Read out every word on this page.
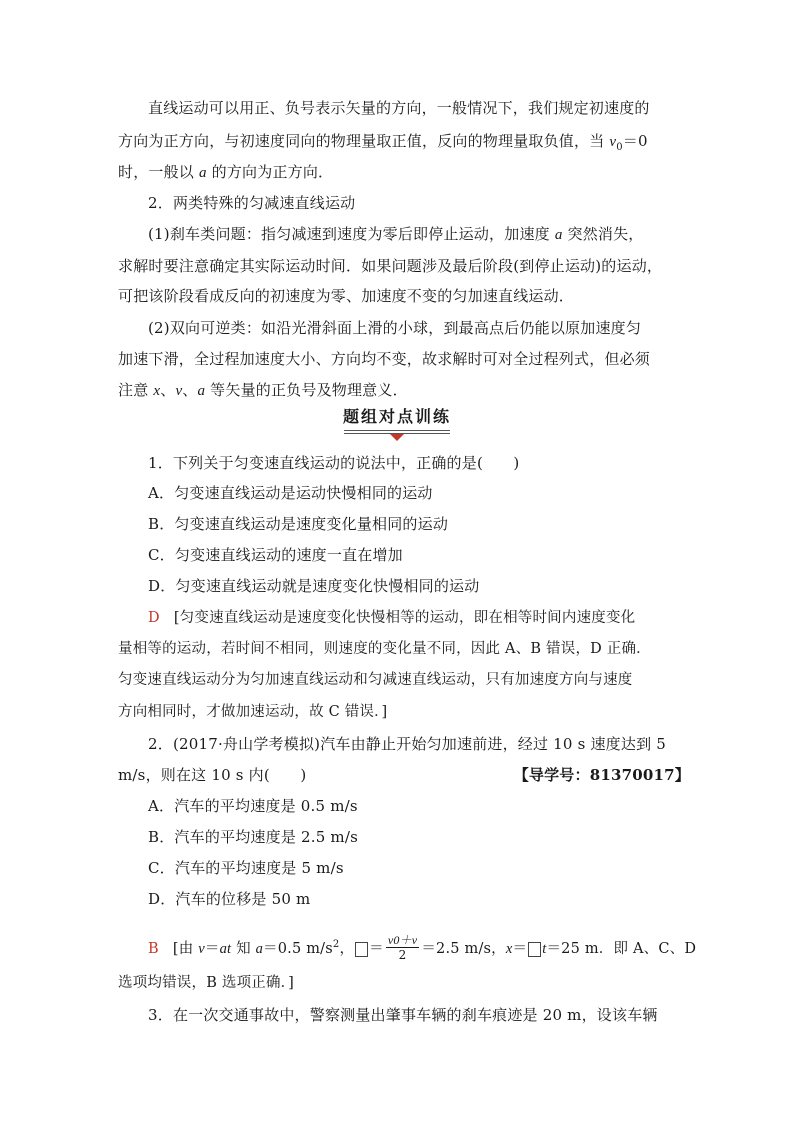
直线运动可以用正、负号表示矢量的方向，一般情况下，我们规定初速度的
方向为正方向，与初速度同向的物理量取正值，反向的物理量取负值，当 $v_0=0$
时，一般以 a 的方向为正方向．
2．两类特殊的匀减速直线运动
(1)刹车类问题：指匀减速到速度为零后即停止运动，加速度 a 突然消失，
求解时要注意确定其实际运动时间．如果问题涉及最后阶段(到停止运动)的运动，
可把该阶段看成反向的初速度为零、加速度不变的匀加速直线运动．
(2)双向可逆类：如沿光滑斜面上滑的小球，到最高点后仍能以原加速度匀
加速下滑，全过程加速度大小、方向均不变，故求解时可对全过程列式，但必须
注意 x、v、a 等矢量的正负号及物理意义．
题组对点训练
1．下列关于匀变速直线运动的说法中，正确的是(　　)
A．匀变速直线运动是运动快慢相同的运动
B．匀变速直线运动是速度变化量相同的运动
C．匀变速直线运动的速度一直在增加
D．匀变速直线运动就是速度变化快慢相同的运动
D [匀变速直线运动是速度变化快慢相等的运动，即在相等时间内速度变化
量相等的运动，若时间不相同，则速度的变化量不同，因此 A、B 错误，D 正确．
匀变速直线运动分为匀加速直线运动和匀减速直线运动，只有加速度方向与速度
方向相同时，才做加速运动，故 C 错误．]
2．(2017·舟山学考模拟)汽车由静止开始匀加速前进，经过 10 s 速度达到 5
m/s，则在这 10 s 内(　　)	【导学号：81370017】
A．汽车的平均速度是 0.5 m/s
B．汽车的平均速度是 2.5 m/s
C．汽车的平均速度是 5 m/s
D．汽车的位移是 50 m
B [由 v＝at 知 a＝0.5 $m/s^2$， ＝ $\frac{v0+v}{2} =2.5$ m/s，x＝ t＝25 m．即 A、C、D
选项均错误，B 选项正确．]
3．在一次交通事故中，警察测量出肇事车辆的刹车痕迹是 20 m，设该车辆
